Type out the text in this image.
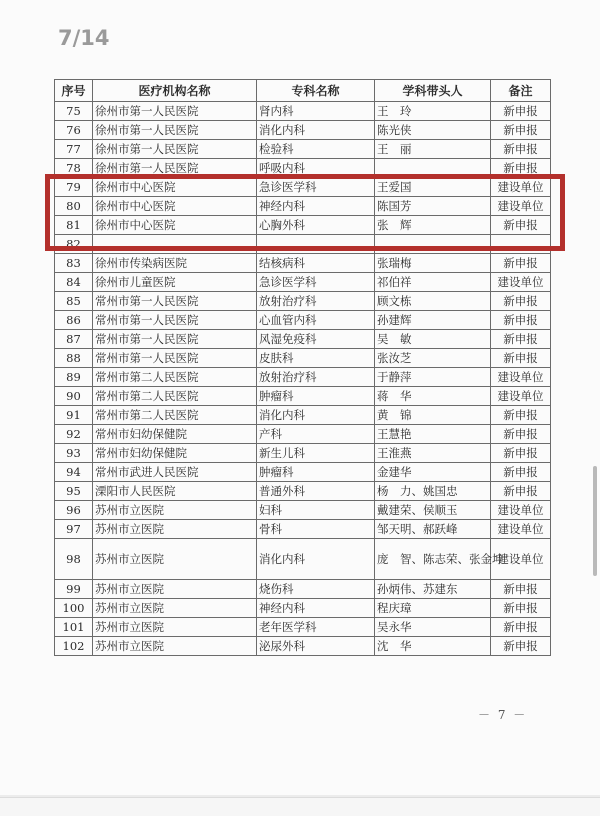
7/14
序号	医疗机构名称	专科名称	学科带头人	备注
75	徐州市第一人民医院	肾内科	王　玲	新申报
76	徐州市第一人民医院	消化内科	陈光侠	新申报
77	徐州市第一人民医院	检验科	王　丽	新申报
78	徐州市第一人民医院	呼吸内科		新申报
79	徐州市中心医院	急诊医学科	王爱国	建设单位
80	徐州市中心医院	神经内科	陈国芳	建设单位
81	徐州市中心医院	心胸外科	张　辉	新申报
82				
83	徐州市传染病医院	结核病科	张瑞梅	新申报
84	徐州市儿童医院	急诊医学科	祁伯祥	建设单位
85	常州市第一人民医院	放射治疗科	顾文栋	新申报
86	常州市第一人民医院	心血管内科	孙建辉	新申报
87	常州市第一人民医院	风湿免疫科	吴　敏	新申报
88	常州市第一人民医院	皮肤科	张汝芝	新申报
89	常州市第二人民医院	放射治疗科	于静萍	建设单位
90	常州市第二人民医院	肿瘤科	蒋　华	建设单位
91	常州市第二人民医院	消化内科	黄　锦	新申报
92	常州市妇幼保健院	产科	王慧艳	新申报
93	常州市妇幼保健院	新生儿科	王淮燕	新申报
94	常州市武进人民医院	肿瘤科	金建华	新申报
95	溧阳市人民医院	普通外科	杨　力、姚国忠	新申报
96	苏州市立医院	妇科	戴建荣、侯顺玉	建设单位
97	苏州市立医院	骨科	邹天明、郝跃峰	建设单位
98	苏州市立医院	消化内科	庞　智、陈志荣、张金坤	建设单位
99	苏州市立医院	烧伤科	孙炳伟、苏建东	新申报
100	苏州市立医院	神经内科	程庆璋	新申报
101	苏州市立医院	老年医学科	吴永华	新申报
102	苏州市立医院	泌尿外科	沈　华	新申报
－ 7 －
